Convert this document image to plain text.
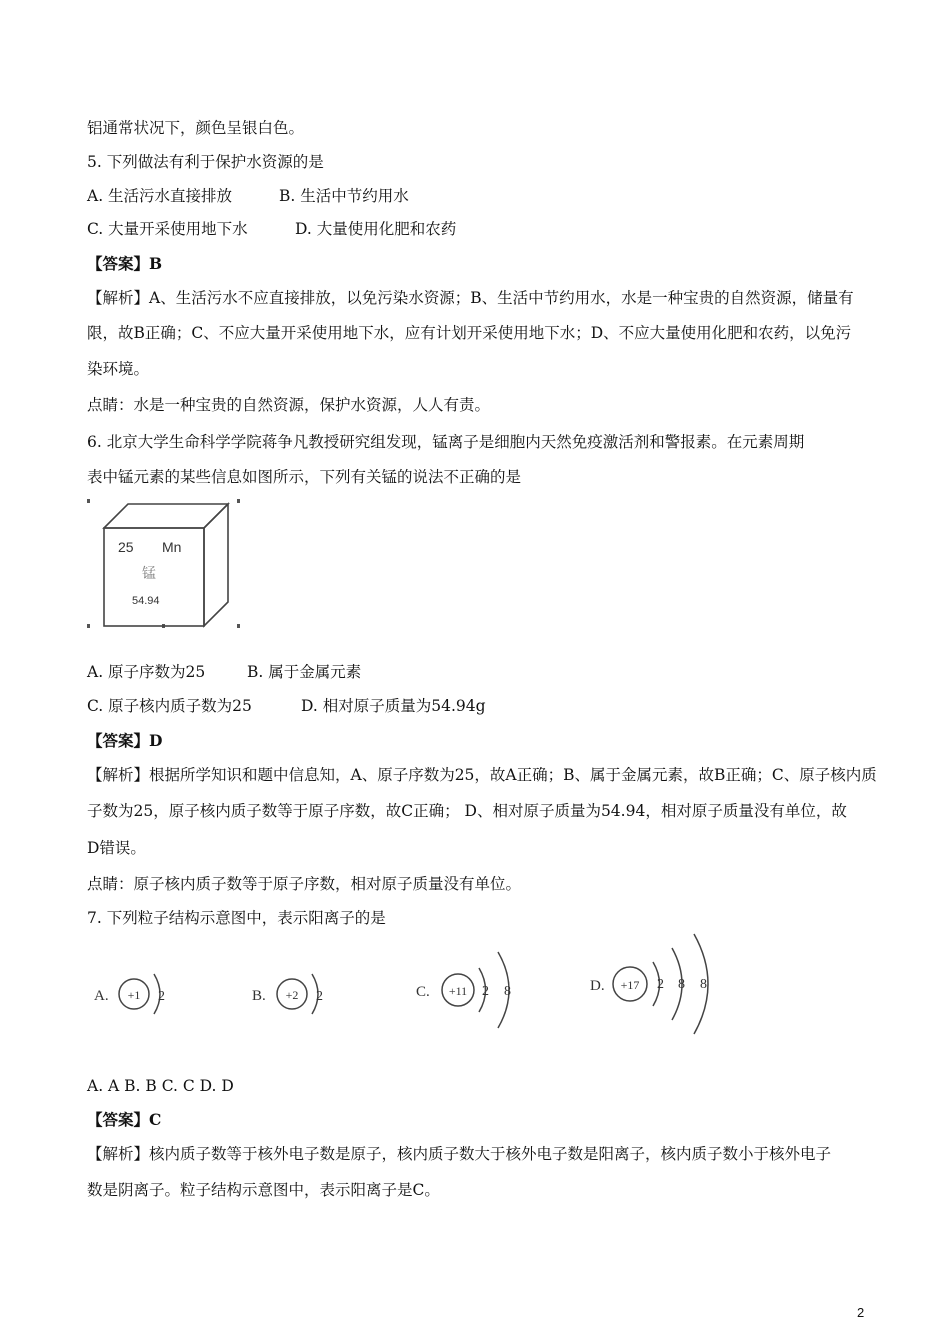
铝通常状况下，颜色呈银白色。
5. 下列做法有利于保护水资源的是
A. 生活污水直接排放	B. 生活中节约用水
C. 大量开采使用地下水	D. 大量使用化肥和农药
【答案】B
【解析】A、生活污水不应直接排放，以免污染水资源；B、生活中节约用水，水是一种宝贵的自然资源，储量有
限，故B正确；C、不应大量开采使用地下水，应有计划开采使用地下水；D、不应大量使用化肥和农药，以免污
染环境。
点睛：水是一种宝贵的自然资源，保护水资源，人人有责。
6. 北京大学生命科学学院蒋争凡教授研究组发现，锰离子是细胞内天然免疫激活剂和警报素。在元素周期
表中锰元素的某些信息如图所示，下列有关锰的说法不正确的是
25 Mn
锰
54.94
A. 原子序数为25	B. 属于金属元素
C. 原子核内质子数为25	D. 相对原子质量为54.94g
【答案】D
【解析】根据所学知识和题中信息知，A、原子序数为25，故A正确；B、属于金属元素，故B正确；C、原子核内质
子数为25，原子核内质子数等于原子序数，故C正确； D、相对原子质量为54.94，相对原子质量没有单位，故
D错误。
点睛：原子核内质子数等于原子序数，相对原子质量没有单位。
7. 下列粒子结构示意图中，表示阳离子的是
A. +1 2	B. +2 2	C. +11 2 8	D. +17 2 8 8
A. A B. B C. C D. D
【答案】C
【解析】核内质子数等于核外电子数是原子，核内质子数大于核外电子数是阳离子，核内质子数小于核外电子
数是阴离子。粒子结构示意图中，表示阳离子是C。
2
